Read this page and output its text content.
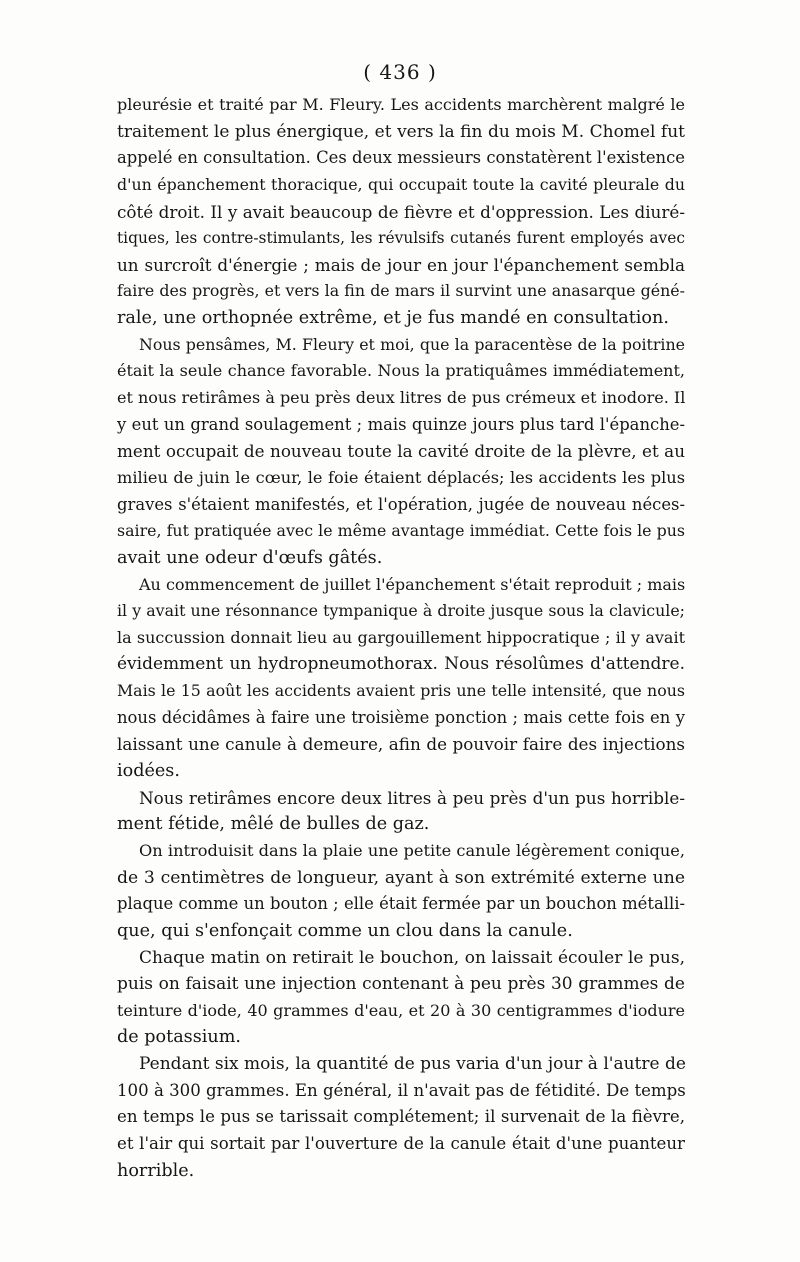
( 436 )
pleurésie et traité par M. Fleury. Les accidents marchèrent malgré le
traitement le plus énergique, et vers la fin du mois M. Chomel fut
appelé en consultation. Ces deux messieurs constatèrent l'existence
d'un épanchement thoracique, qui occupait toute la cavité pleurale du
côté droit. Il y avait beaucoup de fièvre et d'oppression. Les diuré-
tiques, les contre-stimulants, les révulsifs cutanés furent employés avec
un surcroît d'énergie ; mais de jour en jour l'épanchement sembla
faire des progrès, et vers la fin de mars il survint une anasarque géné-
rale, une orthopnée extrême, et je fus mandé en consultation.
Nous pensâmes, M. Fleury et moi, que la paracentèse de la poitrine
était la seule chance favorable. Nous la pratiquâmes immédiatement,
et nous retirâmes à peu près deux litres de pus crémeux et inodore. Il
y eut un grand soulagement ; mais quinze jours plus tard l'épanche-
ment occupait de nouveau toute la cavité droite de la plèvre, et au
milieu de juin le cœur, le foie étaient déplacés; les accidents les plus
graves s'étaient manifestés, et l'opération, jugée de nouveau néces-
saire, fut pratiquée avec le même avantage immédiat. Cette fois le pus
avait une odeur d'œufs gâtés.
Au commencement de juillet l'épanchement s'était reproduit ; mais
il y avait une résonnance tympanique à droite jusque sous la clavicule;
la succussion donnait lieu au gargouillement hippocratique ; il y avait
évidemment un hydropneumothorax. Nous résolûmes d'attendre.
Mais le 15 août les accidents avaient pris une telle intensité, que nous
nous décidâmes à faire une troisième ponction ; mais cette fois en y
laissant une canule à demeure, afin de pouvoir faire des injections
iodées.
Nous retirâmes encore deux litres à peu près d'un pus horrible-
ment fétide, mêlé de bulles de gaz.
On introduisit dans la plaie une petite canule légèrement conique,
de 3 centimètres de longueur, ayant à son extrémité externe une
plaque comme un bouton ; elle était fermée par un bouchon métalli-
que, qui s'enfonçait comme un clou dans la canule.
Chaque matin on retirait le bouchon, on laissait écouler le pus,
puis on faisait une injection contenant à peu près 30 grammes de
teinture d'iode, 40 grammes d'eau, et 20 à 30 centigrammes d'iodure
de potassium.
Pendant six mois, la quantité de pus varia d'un jour à l'autre de
100 à 300 grammes. En général, il n'avait pas de fétidité. De temps
en temps le pus se tarissait complétement; il survenait de la fièvre,
et l'air qui sortait par l'ouverture de la canule était d'une puanteur
horrible.
